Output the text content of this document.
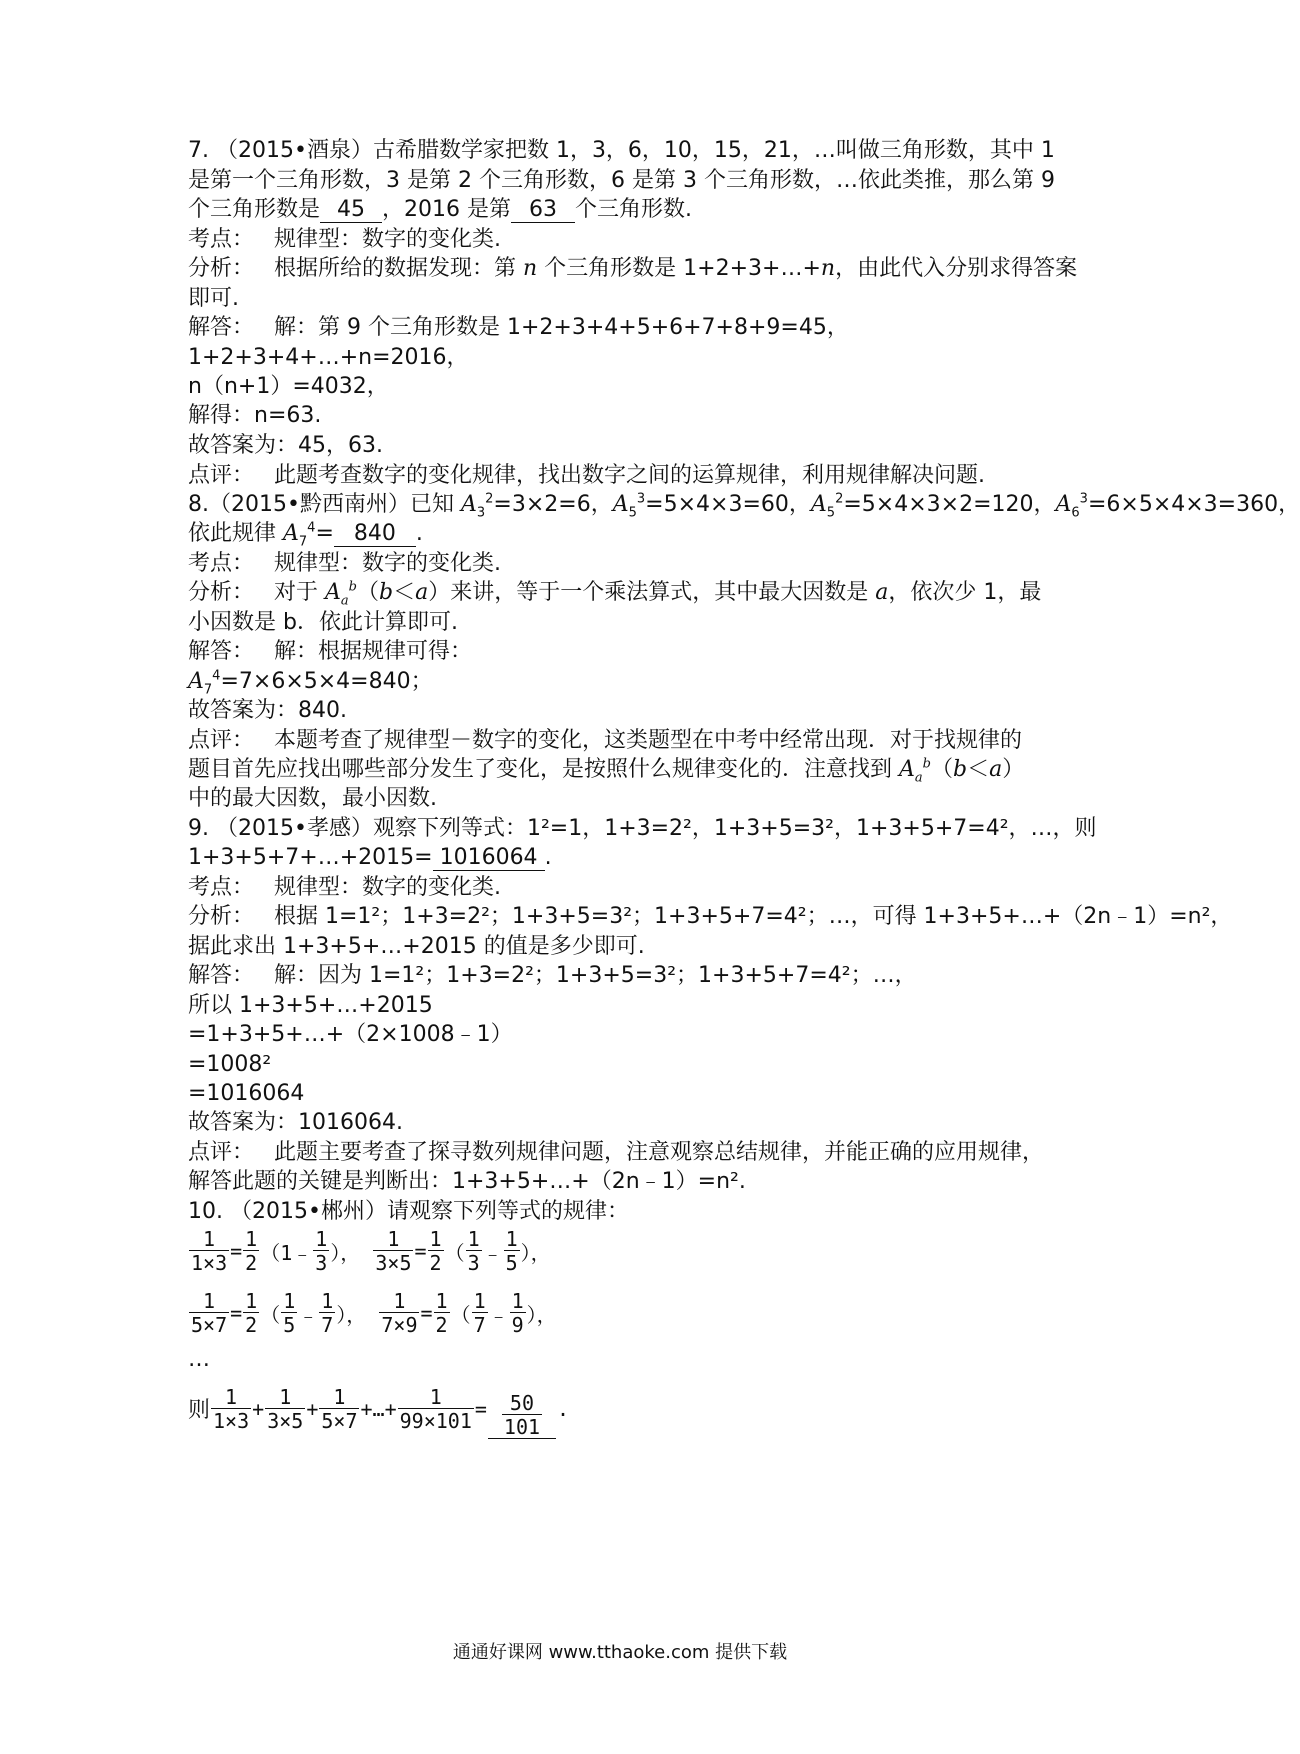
7. （2015•酒泉）古希腊数学家把数 1，3，6，10，15，21，…叫做三角形数，其中 1
是第一个三角形数，3 是第 2 个三角形数，6 是第 3 个三角形数，…依此类推，那么第 9
个三角形数是 45 ，2016 是第 63 个三角形数.
考点： 规律型：数字的变化类.
分析： 根据所给的数据发现：第 n 个三角形数是 1+2+3+…+n，由此代入分别求得答案
即可.
解答： 解：第 9 个三角形数是 1+2+3+4+5+6+7+8+9=45，
1+2+3+4+…+n=2016，
n（n+1）=4032，
解得：n=63.
故答案为：45，63.
点评： 此题考查数字的变化规律，找出数字之间的运算规律，利用规律解决问题.
8.（2015•黔西南州）已知 $A_3^2=3\times 2=6$，$A_5^3=5\times 4\times 3=60$，$A_5^2=5\times 4\times 3\times 2=120$，$A_6^3=6\times 5\times 4\times 3=360$，
依此规律 $A_7^4= 840$ .
考点： 规律型：数字的变化类.
分析： 对于 $A_a^b(b<a)$来讲，等于一个乘法算式，其中最大因数是 a，依次少 1，最
小因数是 b．依此计算即可.
解答： 解：根据规律可得：
$A_7^4=7\times 6\times 5\times 4=840$；
故答案为：840.
点评： 本题考查了规律型－数字的变化，这类题型在中考中经常出现．对于找规律的
题目首先应找出哪些部分发生了变化，是按照什么规律变化的．注意找到 $A_a^b(b<a)$
中的最大因数，最小因数.
9. （2015•孝感）观察下列等式：1²=1，1+3=2²，1+3+5=3²，1+3+5+7=4²，…，则
1+3+5+7+…+2015= 1016064 .
考点： 规律型：数字的变化类.
分析： 根据 1=1²；1+3=2²；1+3+5=3²；1+3+5+7=4²；…，可得 1+3+5+…+（2n﹣1）=n²，
据此求出 1+3+5+…+2015 的值是多少即可.
解答： 解：因为 1=1²；1+3=2²；1+3+5=3²；1+3+5+7=4²；…，
所以 1+3+5+…+2015
=1+3+5+…+（2×1008﹣1）
=1008²
=1016064
故答案为：1016064.
点评： 此题主要考查了探寻数列规律问题，注意观察总结规律，并能正确的应用规律，
解答此题的关键是判断出：1+3+5+…+（2n﹣1）=n².
10. （2015•郴州）请观察下列等式的规律：
$\frac{1}{1\times 3} = \frac{1}{2}$ （1﹣ $\frac{1}{3}$ ）， $\frac{1}{3\times 5} = \frac{1}{2}$ （ $\frac{1}{3}$ ﹣ $\frac{1}{5}$ ），
$\frac{1}{5\times 7} = \frac{1}{2}$ （ $\frac{1}{5}$ ﹣ $\frac{1}{7}$ ）， $\frac{1}{7\times 9} = \frac{1}{2}$ （ $\frac{1}{7}$ ﹣ $\frac{1}{9}$ ），
…
则 $\frac{1}{1\times 3} + \frac{1}{3\times 5} + \frac{1}{5\times 7}$ +…+ $\frac{1}{99\times 101} = \frac{50}{101}$ .
通通好课网 www.tthaoke.com 提供下载
